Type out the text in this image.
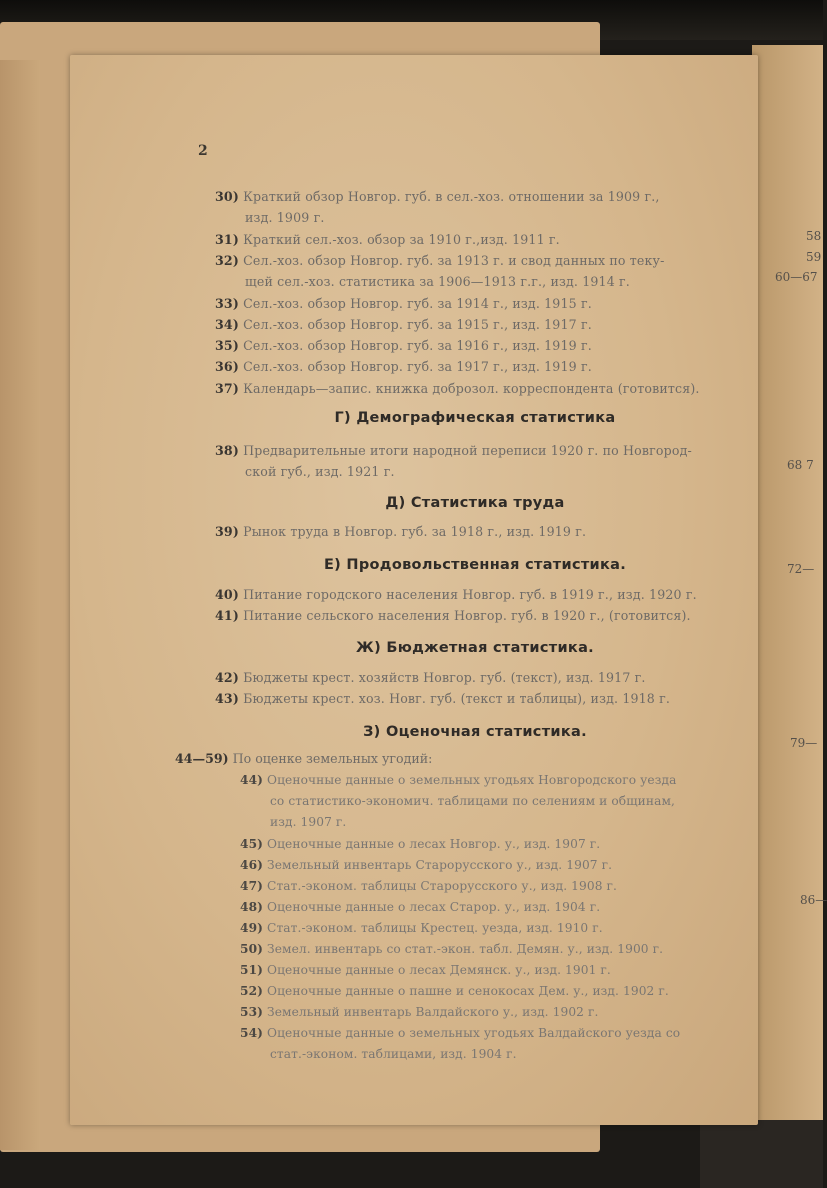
2
30) Краткий обзор Новгор. губ. в сел.-хоз. отношении за 1909 г.,
изд. 1909 г.
31) Краткий сел.-хоз. обзор за 1910 г.,изд. 1911 г.
32) Сел.-хоз. обзор Новгор. губ. за 1913 г. и свод данных по теку-
щей сел.-хоз. статистика за 1906—1913 г.г., изд. 1914 г.
33) Сел.-хоз. обзор Новгор. губ. за 1914 г., изд. 1915 г.
34) Сел.-хоз. обзор Новгор. губ. за 1915 г., изд. 1917 г.
35) Сел.-хоз. обзор Новгор. губ. за 1916 г., изд. 1919 г.
36) Сел.-хоз. обзор Новгор. губ. за 1917 г., изд. 1919 г.
37) Календарь—запис. книжка доброзол. корреспондента (готовится).
Г) Демографическая статистика
38) Предварительные итоги народной переписи 1920 г. по Новгород-
ской губ., изд. 1921 г.
Д) Статистика труда
39) Рынок труда в Новгор. губ. за 1918 г., изд. 1919 г.
Е) Продовольственная статистика.
40) Питание городского населения Новгор. губ. в 1919 г., изд. 1920 г.
41) Питание сельского населения Новгор. губ. в 1920 г., (готовится).
Ж) Бюджетная статистика.
42) Бюджеты крест. хозяйств Новгор. губ. (текст), изд. 1917 г.
43) Бюджеты крест. хоз. Новг. губ. (текст и таблицы), изд. 1918 г.
З) Оценочная статистика.
44—59) По оценке земельных угодий:
44) Оценочные данные о земельных угодьях Новгородского уезда
со статистико-экономич. таблицами по селениям и общинам,
изд. 1907 г.
45) Оценочные данные о лесах Новгор. у., изд. 1907 г.
46) Земельный инвентарь Старорусского у., изд. 1907 г.
47) Стат.-эконом. таблицы Старорусского у., изд. 1908 г.
48) Оценочные данные о лесах Старор. у., изд. 1904 г.
49) Стат.-эконом. таблицы Крестец. уезда, изд. 1910 г.
50) Земел. инвентарь со стат.-экон. табл. Демян. у., изд. 1900 г.
51) Оценочные данные о лесах Демянск. у., изд. 1901 г.
52) Оценочные данные о пашне и сенокосах Дем. у., изд. 1902 г.
53) Земельный инвентарь Валдайского у., изд. 1902 г.
54) Оценочные данные о земельных угодьях Валдайского уезда со
стат.-эконом. таблицами, изд. 1904 г.
58
59
60—67
68 7
72—
79—
86—
